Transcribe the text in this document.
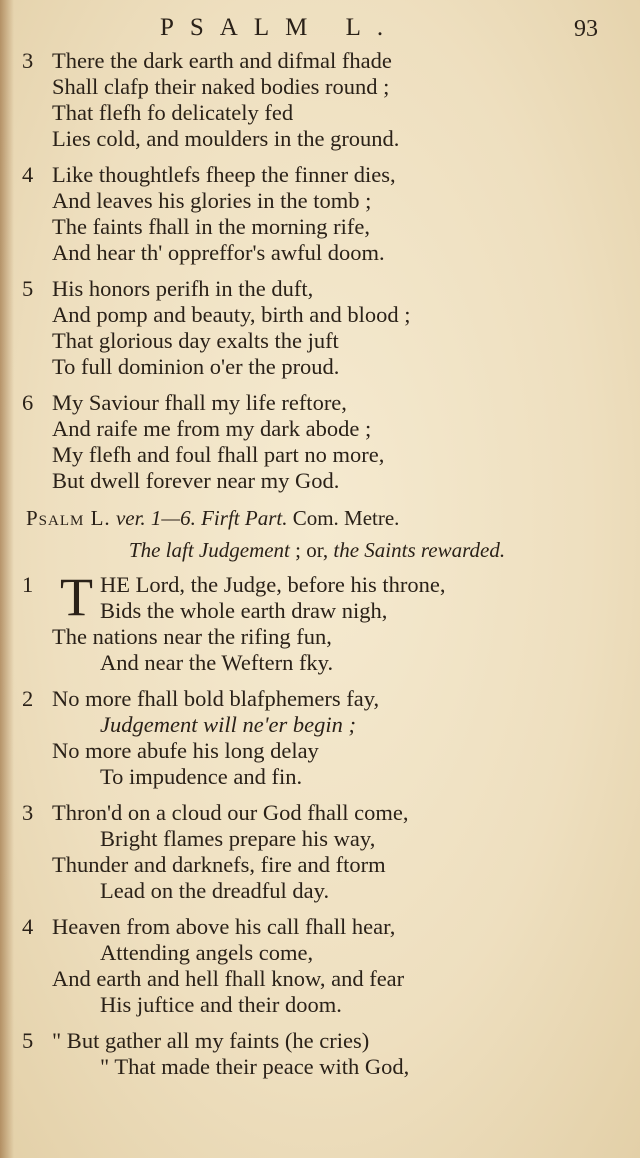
PSALM L.	93
3 There the dark earth and difmal fhade
Shall clafp their naked bodies round ;
That flefh fo delicately fed
Lies cold, and moulders in the ground.
4 Like thoughtlefs fheep the finner dies,
And leaves his glories in the tomb ;
The faints fhall in the morning rife,
And hear th' oppreffor's awful doom.
5 His honors perifh in the duft,
And pomp and beauty, birth and blood ;
That glorious day exalts the juft
To full dominion o'er the proud.
6 My Saviour fhall my life reftore,
And raife me from my dark abode ;
My flefh and foul fhall part no more,
But dwell forever near my God.
Psalm L. ver. 1—6. Firft Part. Com. Metre.
The laft Judgement ; or, the Saints rewarded.
1 T HE Lord, the Judge, before his throne,
Bids the whole earth draw nigh,
The nations near the rifing fun,
And near the Weftern fky.
2 No more fhall bold blafphemers fay,
Judgement will ne'er begin ;
No more abufe his long delay
To impudence and fin.
3 Thron'd on a cloud our God fhall come,
Bright flames prepare his way,
Thunder and darknefs, fire and ftorm
Lead on the dreadful day.
4 Heaven from above his call fhall hear,
Attending angels come,
And earth and hell fhall know, and fear
His juftice and their doom.
5 " But gather all my faints (he cries)
" That made their peace with God,
